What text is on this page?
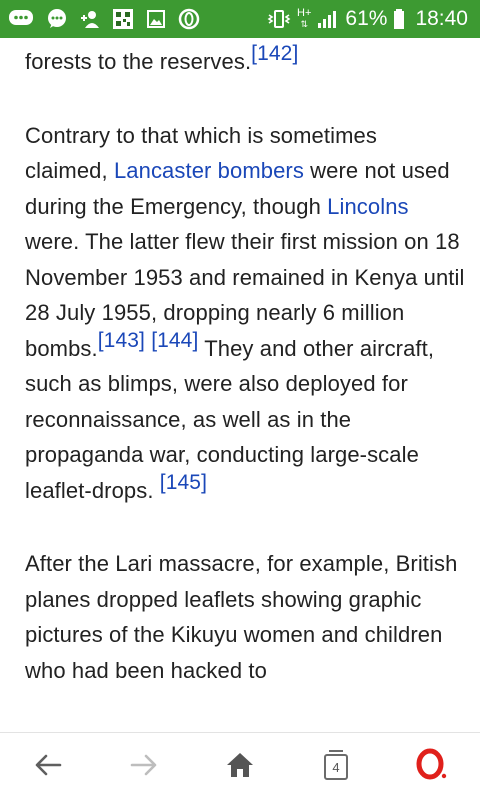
H+
⇅ 61% 18:40

forests to the reserves.[142]

Contrary to that which is sometimes claimed, Lancaster bombers were not used during the Emergency, though Lincolns were. The latter flew their first mission on 18 November 1953 and remained in Kenya until 28 July 1955, dropping nearly 6 million bombs.[143] [144] They and other aircraft, such as blimps, were also deployed for reconnaissance, as well as in the propaganda war, conducting large-scale leaflet-drops. [145]

After the Lari massacre, for example, British planes dropped leaflets showing graphic pictures of the Kikuyu women and children who had been hacked to

4
